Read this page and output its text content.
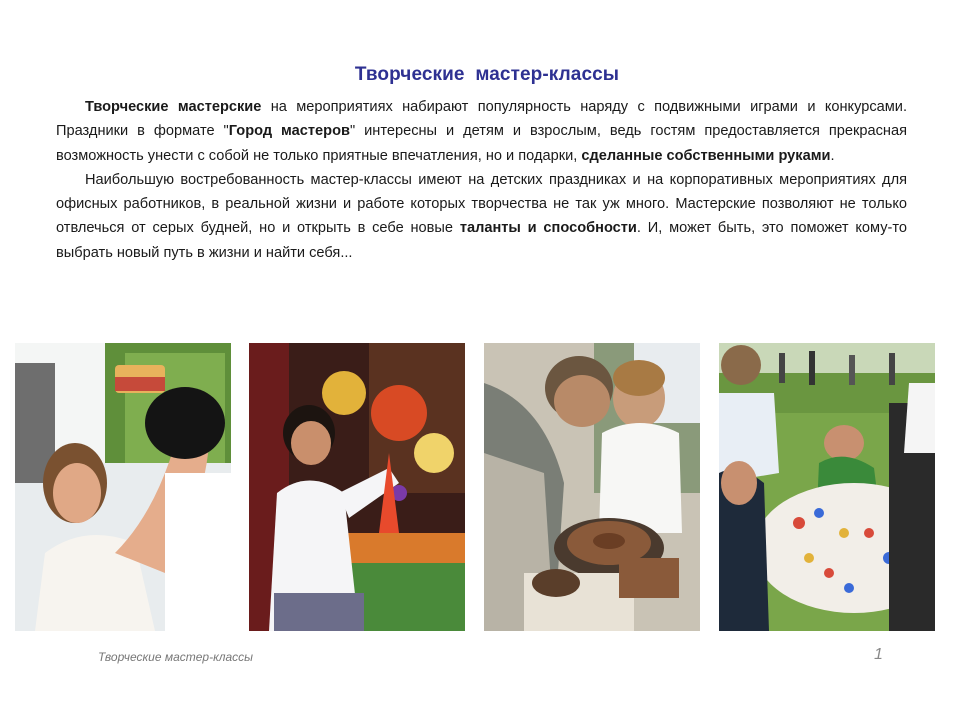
Творческие  мастер-классы

Творческие мастерские на мероприятиях набирают популярность наряду с подвижными играми и конкурсами. Праздники в формате "Город мастеров" интересны и детям и взрослым, ведь гостям предоставляется прекрасная возможность унести с собой не только приятные впечатления, но и подарки, сделанные собственными руками.

Наибольшую востребованность мастер-классы имеют на детских праздниках и на корпоративных мероприятиях для офисных работников, в реальной жизни и работе которых творчества не так уж много. Мастерские позволяют не только отвлечься от серых будней, но и открыть в себе новые таланты и способности. И, может быть, это поможет кому-то выбрать новый путь в жизни и найти себя...

Творческие мастер-классы	1
